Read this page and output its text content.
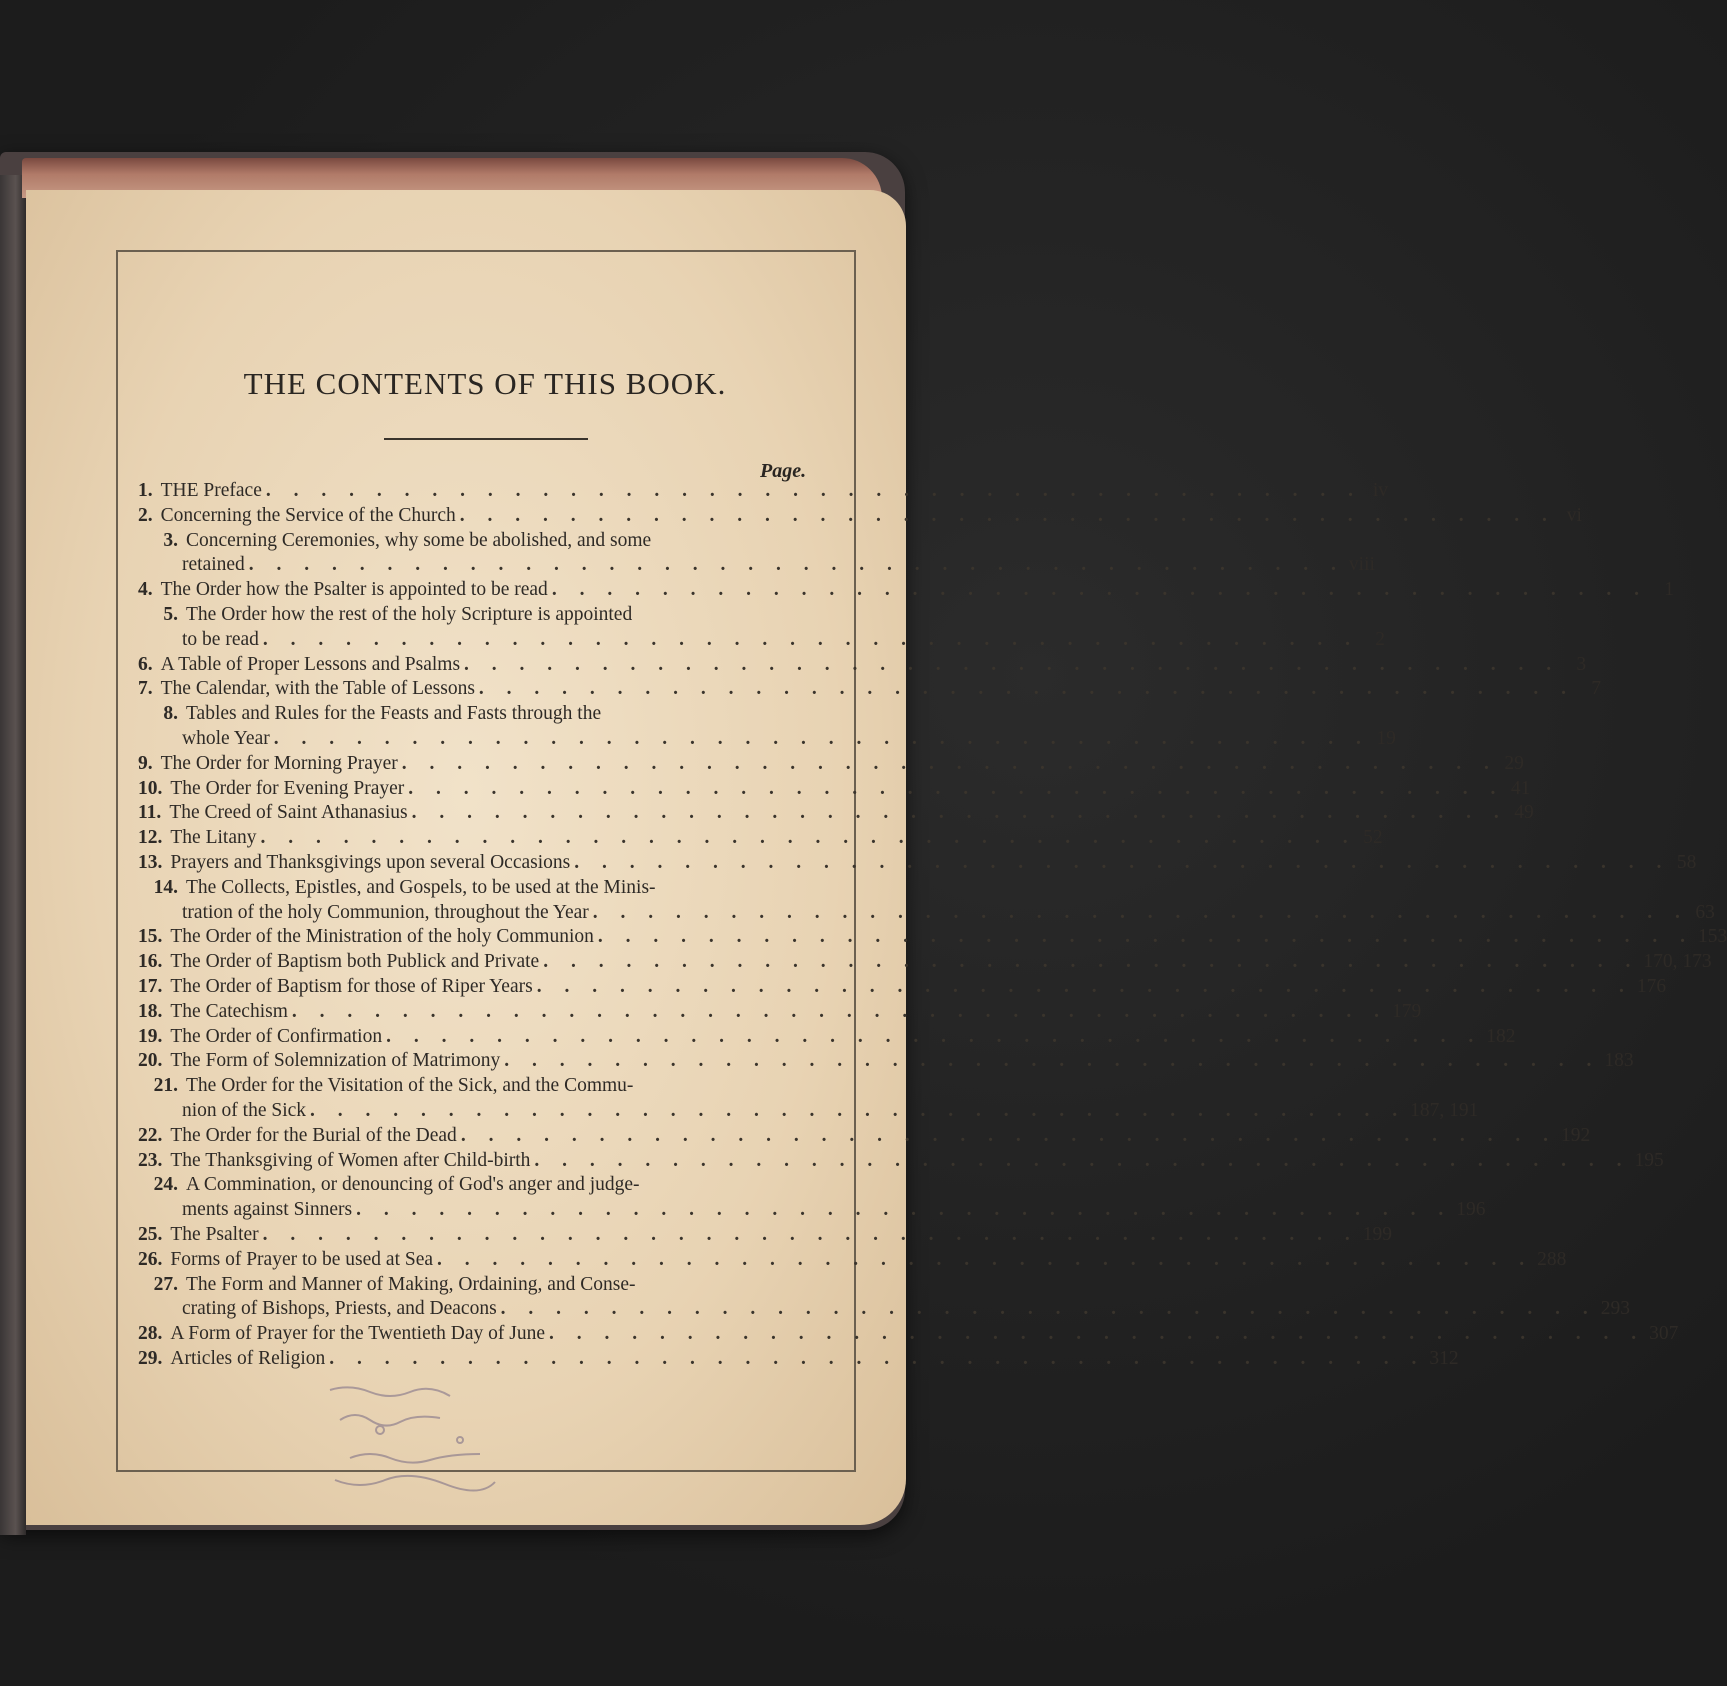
THE CONTENTS OF THIS BOOK.
Page.
1. THE Preface . . . . . . . . . . . . . . . . . . . . . . . . . . . . . . . . . . . . . . . . iv
2. Concerning the Service of the Church . . . . . . . . . . . . . . . . . . . . . . . . . . . . . . . . . . . . . . . . vi
3. Concerning Ceremonies, why some be abolished, and some
retained . . . . . . . . . . . . . . . . . . . . . . . . . . . . . . . . . . . . . . . . viii
4. The Order how the Psalter is appointed to be read . . . . . . . . . . . . . . . . . . . . . . . . . . . . . . . . . . . . . . . . 1
5. The Order how the rest of the holy Scripture is appointed
to be read . . . . . . . . . . . . . . . . . . . . . . . . . . . . . . . . . . . . . . . . 2
6. A Table of Proper Lessons and Psalms . . . . . . . . . . . . . . . . . . . . . . . . . . . . . . . . . . . . . . . . 3
7. The Calendar, with the Table of Lessons . . . . . . . . . . . . . . . . . . . . . . . . . . . . . . . . . . . . . . . . 7
8. Tables and Rules for the Feasts and Fasts through the
whole Year . . . . . . . . . . . . . . . . . . . . . . . . . . . . . . . . . . . . . . . . 19
9. The Order for Morning Prayer . . . . . . . . . . . . . . . . . . . . . . . . . . . . . . . . . . . . . . . . 29
10. The Order for Evening Prayer . . . . . . . . . . . . . . . . . . . . . . . . . . . . . . . . . . . . . . . . 41
11. The Creed of Saint Athanasius . . . . . . . . . . . . . . . . . . . . . . . . . . . . . . . . . . . . . . . . 49
12. The Litany . . . . . . . . . . . . . . . . . . . . . . . . . . . . . . . . . . . . . . . . 52
13. Prayers and Thanksgivings upon several Occasions . . . . . . . . . . . . . . . . . . . . . . . . . . . . . . . . . . . . . . . . 58
14. The Collects, Epistles, and Gospels, to be used at the Minis-
tration of the holy Communion, throughout the Year . . . . . . . . . . . . . . . . . . . . . . . . . . . . . . . . . . . . . . . . 63
15. The Order of the Ministration of the holy Communion . . . . . . . . . . . . . . . . . . . . . . . . . . . . . . . . . . . . . . . . 153
16. The Order of Baptism both Publick and Private . . . . . . . . . . . . . . . . . . . . . . . . . . . . . . . . . . . . . . . . 170, 173
17. The Order of Baptism for those of Riper Years . . . . . . . . . . . . . . . . . . . . . . . . . . . . . . . . . . . . . . . . 176
18. The Catechism . . . . . . . . . . . . . . . . . . . . . . . . . . . . . . . . . . . . . . . . 179
19. The Order of Confirmation . . . . . . . . . . . . . . . . . . . . . . . . . . . . . . . . . . . . . . . . 182
20. The Form of Solemnization of Matrimony . . . . . . . . . . . . . . . . . . . . . . . . . . . . . . . . . . . . . . . . 183
21. The Order for the Visitation of the Sick, and the Commu-
nion of the Sick . . . . . . . . . . . . . . . . . . . . . . . . . . . . . . . . . . . . . . . . 187, 191
22. The Order for the Burial of the Dead . . . . . . . . . . . . . . . . . . . . . . . . . . . . . . . . . . . . . . . . 192
23. The Thanksgiving of Women after Child-birth . . . . . . . . . . . . . . . . . . . . . . . . . . . . . . . . . . . . . . . . 195
24. A Commination, or denouncing of God's anger and judge-
ments against Sinners . . . . . . . . . . . . . . . . . . . . . . . . . . . . . . . . . . . . . . . . 196
25. The Psalter . . . . . . . . . . . . . . . . . . . . . . . . . . . . . . . . . . . . . . . . 199
26. Forms of Prayer to be used at Sea . . . . . . . . . . . . . . . . . . . . . . . . . . . . . . . . . . . . . . . . 288
27. The Form and Manner of Making, Ordaining, and Conse-
crating of Bishops, Priests, and Deacons . . . . . . . . . . . . . . . . . . . . . . . . . . . . . . . . . . . . . . . . 293
28. A Form of Prayer for the Twentieth Day of June . . . . . . . . . . . . . . . . . . . . . . . . . . . . . . . . . . . . . . . . 307
29. Articles of Religion . . . . . . . . . . . . . . . . . . . . . . . . . . . . . . . . . . . . . . . . 312
